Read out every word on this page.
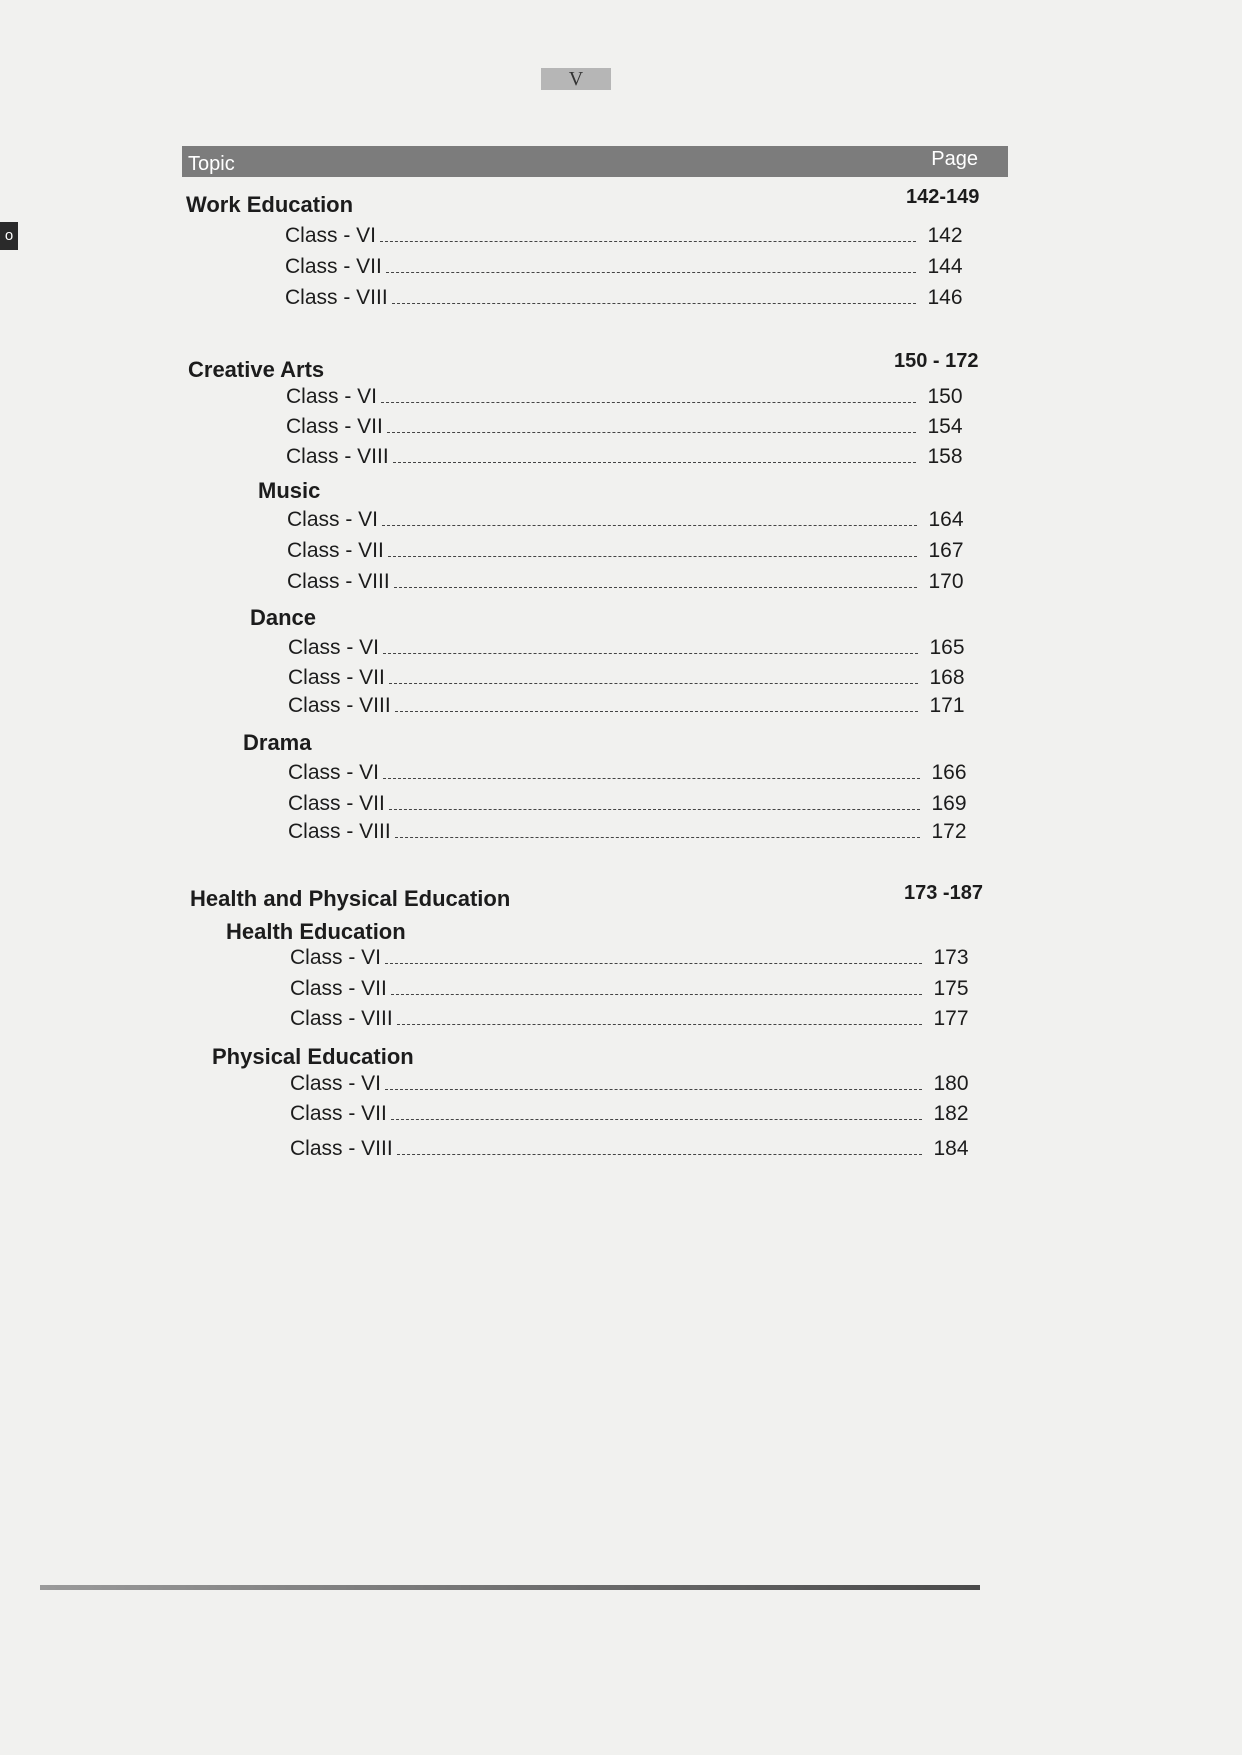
V
o
Topic	Page
Work Education	142-149
Class - VI	142
Class - VII	144
Class - VIII	146
Creative Arts	150 - 172
Class - VI	150
Class - VII	154
Class - VIII	158
Music
Class - VI	164
Class - VII	167
Class - VIII	170
Dance
Class - VI	165
Class - VII	168
Class - VIII	171
Drama
Class - VI	166
Class - VII	169
Class - VIII	172
Health and Physical Education	173 -187
Health Education
Class - VI	173
Class - VII	175
Class - VIII	177
Physical Education
Class - VI	180
Class - VII	182
Class - VIII	184
